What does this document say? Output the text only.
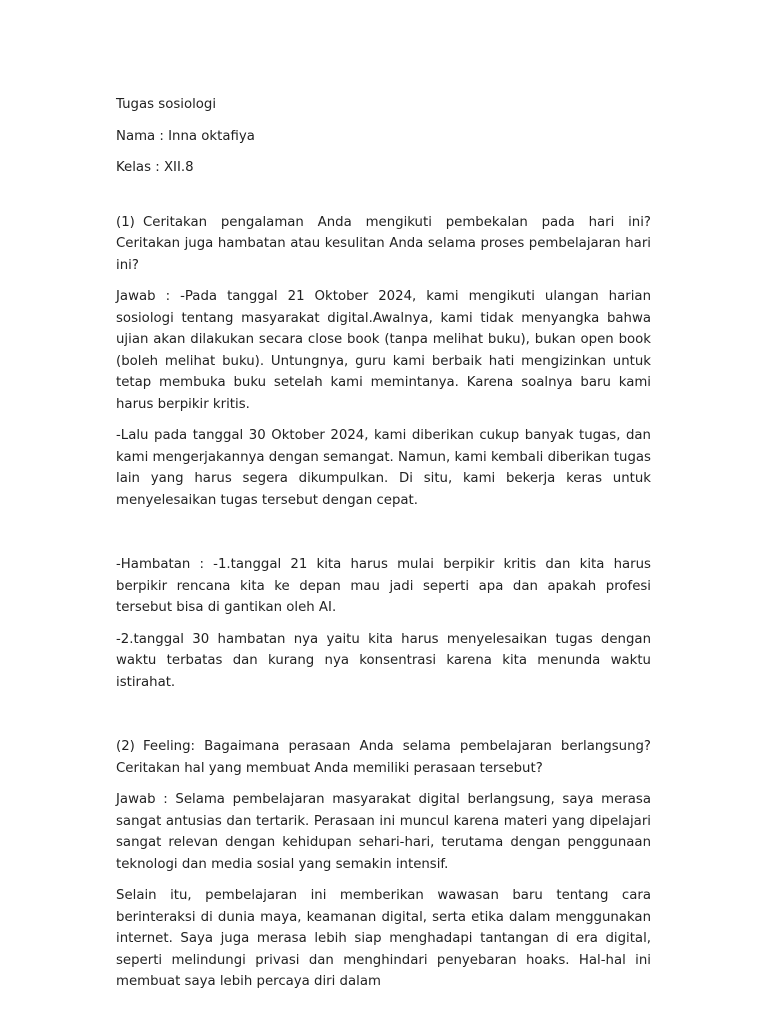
Tugas sosiologi

Nama : Inna oktafiya

Kelas : XII.8

(1) Ceritakan pengalaman Anda mengikuti pembekalan pada hari ini? Ceritakan juga hambatan atau kesulitan Anda selama proses pembelajaran hari ini?

Jawab : -Pada tanggal 21 Oktober 2024, kami mengikuti ulangan harian sosiologi tentang masyarakat digital.Awalnya, kami tidak menyangka bahwa ujian akan dilakukan secara close book (tanpa melihat buku), bukan open book (boleh melihat buku). Untungnya, guru kami berbaik hati mengizinkan untuk tetap membuka buku setelah kami memintanya. Karena soalnya baru kami harus berpikir kritis.

-Lalu pada tanggal 30 Oktober 2024, kami diberikan cukup banyak tugas, dan kami mengerjakannya dengan semangat. Namun, kami kembali diberikan tugas lain yang harus segera dikumpulkan. Di situ, kami bekerja keras untuk menyelesaikan tugas tersebut dengan cepat.

-Hambatan : -1.tanggal 21 kita harus mulai berpikir kritis dan kita harus berpikir rencana kita ke depan mau jadi seperti apa dan apakah profesi tersebut bisa di gantikan oleh AI.

-2.tanggal 30 hambatan nya yaitu kita harus menyelesaikan tugas dengan waktu terbatas dan kurang nya konsentrasi karena kita menunda waktu istirahat.

(2) Feeling: Bagaimana perasaan Anda selama pembelajaran berlangsung? Ceritakan hal yang membuat Anda memiliki perasaan tersebut?

Jawab : Selama pembelajaran masyarakat digital berlangsung, saya merasa sangat antusias dan tertarik. Perasaan ini muncul karena materi yang dipelajari sangat relevan dengan kehidupan sehari-hari, terutama dengan penggunaan teknologi dan media sosial yang semakin intensif.

Selain itu, pembelajaran ini memberikan wawasan baru tentang cara berinteraksi di dunia maya, keamanan digital, serta etika dalam menggunakan internet. Saya juga merasa lebih siap menghadapi tantangan di era digital, seperti melindungi privasi dan menghindari penyebaran hoaks. Hal-hal ini membuat saya lebih percaya diri dalam
